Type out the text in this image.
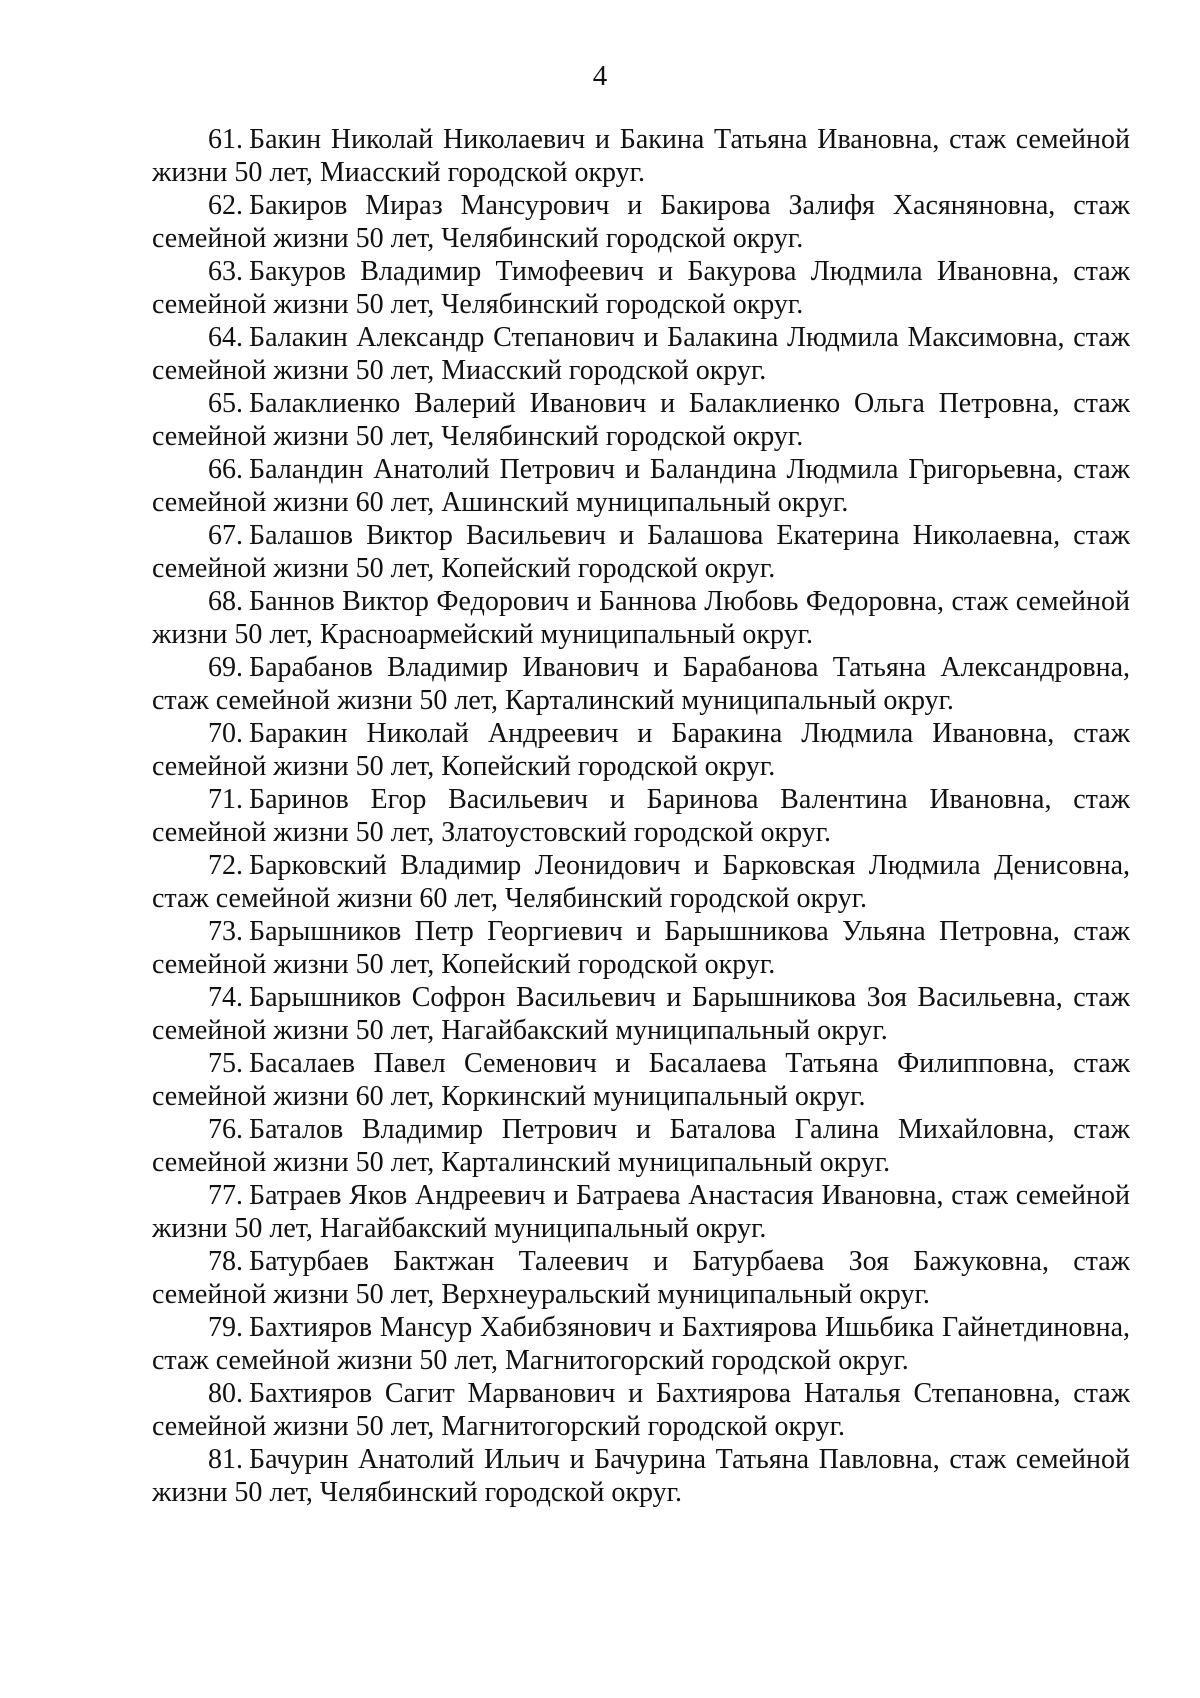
4
61. Бакин Николай Николаевич и Бакина Татьяна Ивановна, стаж семейной жизни 50 лет, Миасский городской округ.
62. Бакиров Мираз Мансурович и Бакирова Залифя Хасяняновна, стаж семейной жизни 50 лет, Челябинский городской округ.
63. Бакуров Владимир Тимофеевич и Бакурова Людмила Ивановна, стаж семейной жизни 50 лет, Челябинский городской округ.
64. Балакин Александр Степанович и Балакина Людмила Максимовна, стаж семейной жизни 50 лет, Миасский городской округ.
65. Балаклиенко Валерий Иванович и Балаклиенко Ольга Петровна, стаж семейной жизни 50 лет, Челябинский городской округ.
66. Баландин Анатолий Петрович и Баландина Людмила Григорьевна, стаж семейной жизни 60 лет, Ашинский муниципальный округ.
67. Балашов Виктор Васильевич и Балашова Екатерина Николаевна, стаж семейной жизни 50 лет, Копейский городской округ.
68. Баннов Виктор Федорович и Баннова Любовь Федоровна, стаж семейной жизни 50 лет, Красноармейский муниципальный округ.
69. Барабанов Владимир Иванович и Барабанова Татьяна Александровна, стаж семейной жизни 50 лет, Карталинский муниципальный округ.
70. Баракин Николай Андреевич и Баракина Людмила Ивановна, стаж семейной жизни 50 лет, Копейский городской округ.
71. Баринов Егор Васильевич и Баринова Валентина Ивановна, стаж семейной жизни 50 лет, Златоустовский городской округ.
72. Барковский Владимир Леонидович и Барковская Людмила Денисовна, стаж семейной жизни 60 лет, Челябинский городской округ.
73. Барышников Петр Георгиевич и Барышникова Ульяна Петровна, стаж семейной жизни 50 лет, Копейский городской округ.
74. Барышников Софрон Васильевич и Барышникова Зоя Васильевна, стаж семейной жизни 50 лет, Нагайбакский муниципальный округ.
75. Басалаев Павел Семенович и Басалаева Татьяна Филипповна, стаж семейной жизни 60 лет, Коркинский муниципальный округ.
76. Баталов Владимир Петрович и Баталова Галина Михайловна, стаж семейной жизни 50 лет, Карталинский муниципальный округ.
77. Батраев Яков Андреевич и Батраева Анастасия Ивановна, стаж семейной жизни 50 лет, Нагайбакский муниципальный округ.
78. Батурбаев Бактжан Талеевич и Батурбаева Зоя Бажуковна, стаж семейной жизни 50 лет, Верхнеуральский муниципальный округ.
79. Бахтияров Мансур Хабибзянович и Бахтиярова Ишьбика Гайнетдиновна, стаж семейной жизни 50 лет, Магнитогорский городской округ.
80. Бахтияров Сагит Марванович и Бахтиярова Наталья Степановна, стаж семейной жизни 50 лет, Магнитогорский городской округ.
81. Бачурин Анатолий Ильич и Бачурина Татьяна Павловна, стаж семейной жизни 50 лет, Челябинский городской округ.
